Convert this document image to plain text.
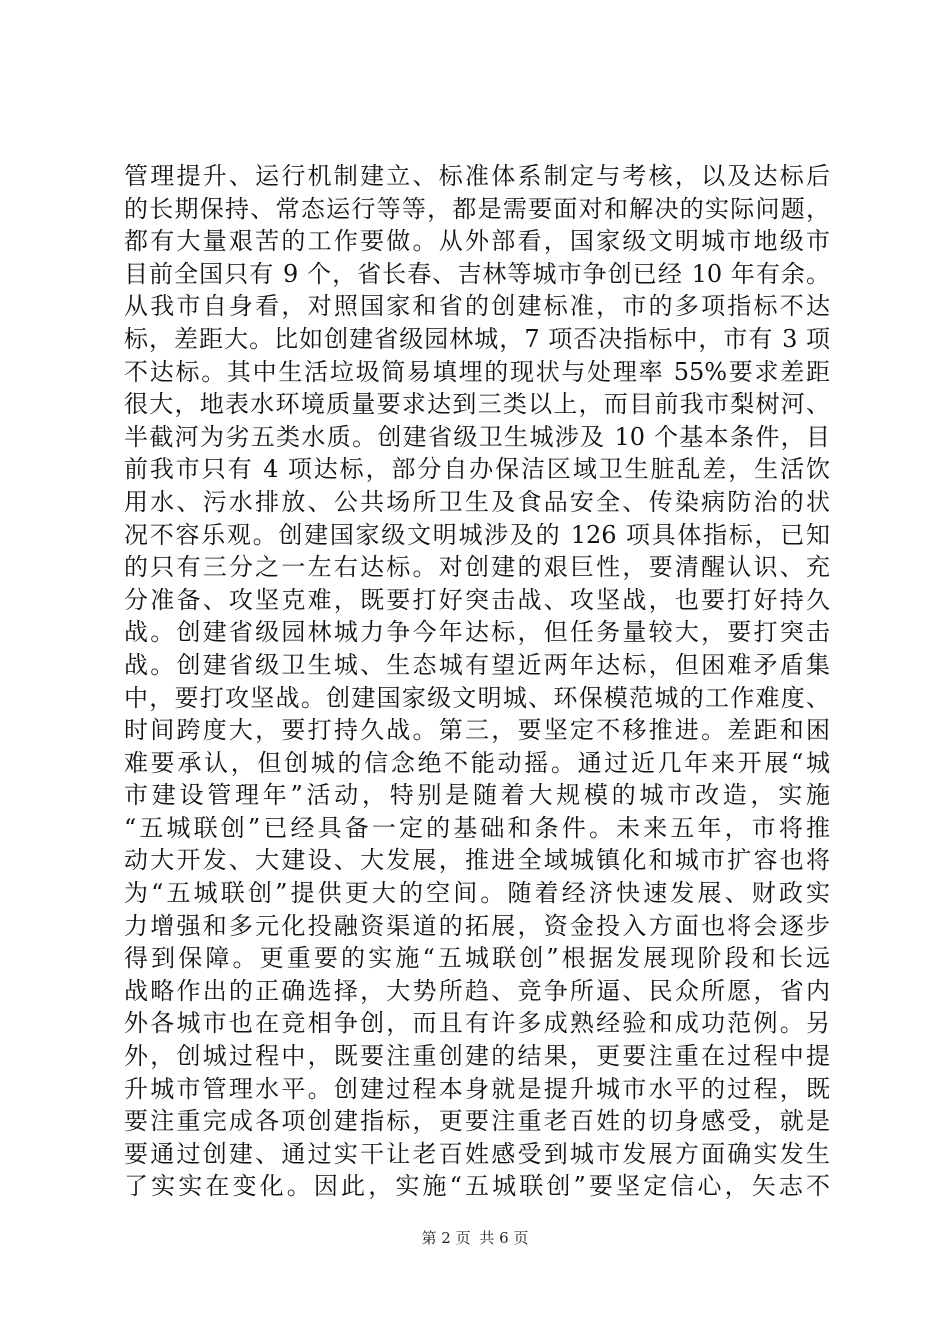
管理提升、运行机制建立、标准体系制定与考核，以及达标后
的长期保持、常态运行等等，都是需要面对和解决的实际问题，
都有大量艰苦的工作要做。从外部看，国家级文明城市地级市
目前全国只有 9 个，省长春、吉林等城市争创已经 10 年有余。
从我市自身看，对照国家和省的创建标准，市的多项指标不达
标，差距大。比如创建省级园林城，7 项否决指标中，市有 3 项
不达标。其中生活垃圾简易填埋的现状与处理率 55%要求差距
很大，地表水环境质量要求达到三类以上，而目前我市梨树河、
半截河为劣五类水质。创建省级卫生城涉及 10 个基本条件，目
前我市只有 4 项达标，部分自办保洁区域卫生脏乱差，生活饮
用水、污水排放、公共场所卫生及食品安全、传染病防治的状
况不容乐观。创建国家级文明城涉及的 126 项具体指标，已知
的只有三分之一左右达标。对创建的艰巨性，要清醒认识、充
分准备、攻坚克难，既要打好突击战、攻坚战，也要打好持久
战。创建省级园林城力争今年达标，但任务量较大，要打突击
战。创建省级卫生城、生态城有望近两年达标，但困难矛盾集
中，要打攻坚战。创建国家级文明城、环保模范城的工作难度、
时间跨度大，要打持久战。第三，要坚定不移推进。差距和困
难要承认，但创城的信念绝不能动摇。通过近几年来开展“城
市建设管理年”活动，特别是随着大规模的城市改造，实施
“五城联创”已经具备一定的基础和条件。未来五年，市将推
动大开发、大建设、大发展，推进全域城镇化和城市扩容也将
为“五城联创”提供更大的空间。随着经济快速发展、财政实
力增强和多元化投融资渠道的拓展，资金投入方面也将会逐步
得到保障。更重要的实施“五城联创”根据发展现阶段和长远
战略作出的正确选择，大势所趋、竞争所逼、民众所愿，省内
外各城市也在竞相争创，而且有许多成熟经验和成功范例。另
外，创城过程中，既要注重创建的结果，更要注重在过程中提
升城市管理水平。创建过程本身就是提升城市水平的过程，既
要注重完成各项创建指标，更要注重老百姓的切身感受，就是
要通过创建、通过实干让老百姓感受到城市发展方面确实发生
了实实在变化。因此，实施“五城联创”要坚定信心，矢志不
第 2 页 共 6 页
